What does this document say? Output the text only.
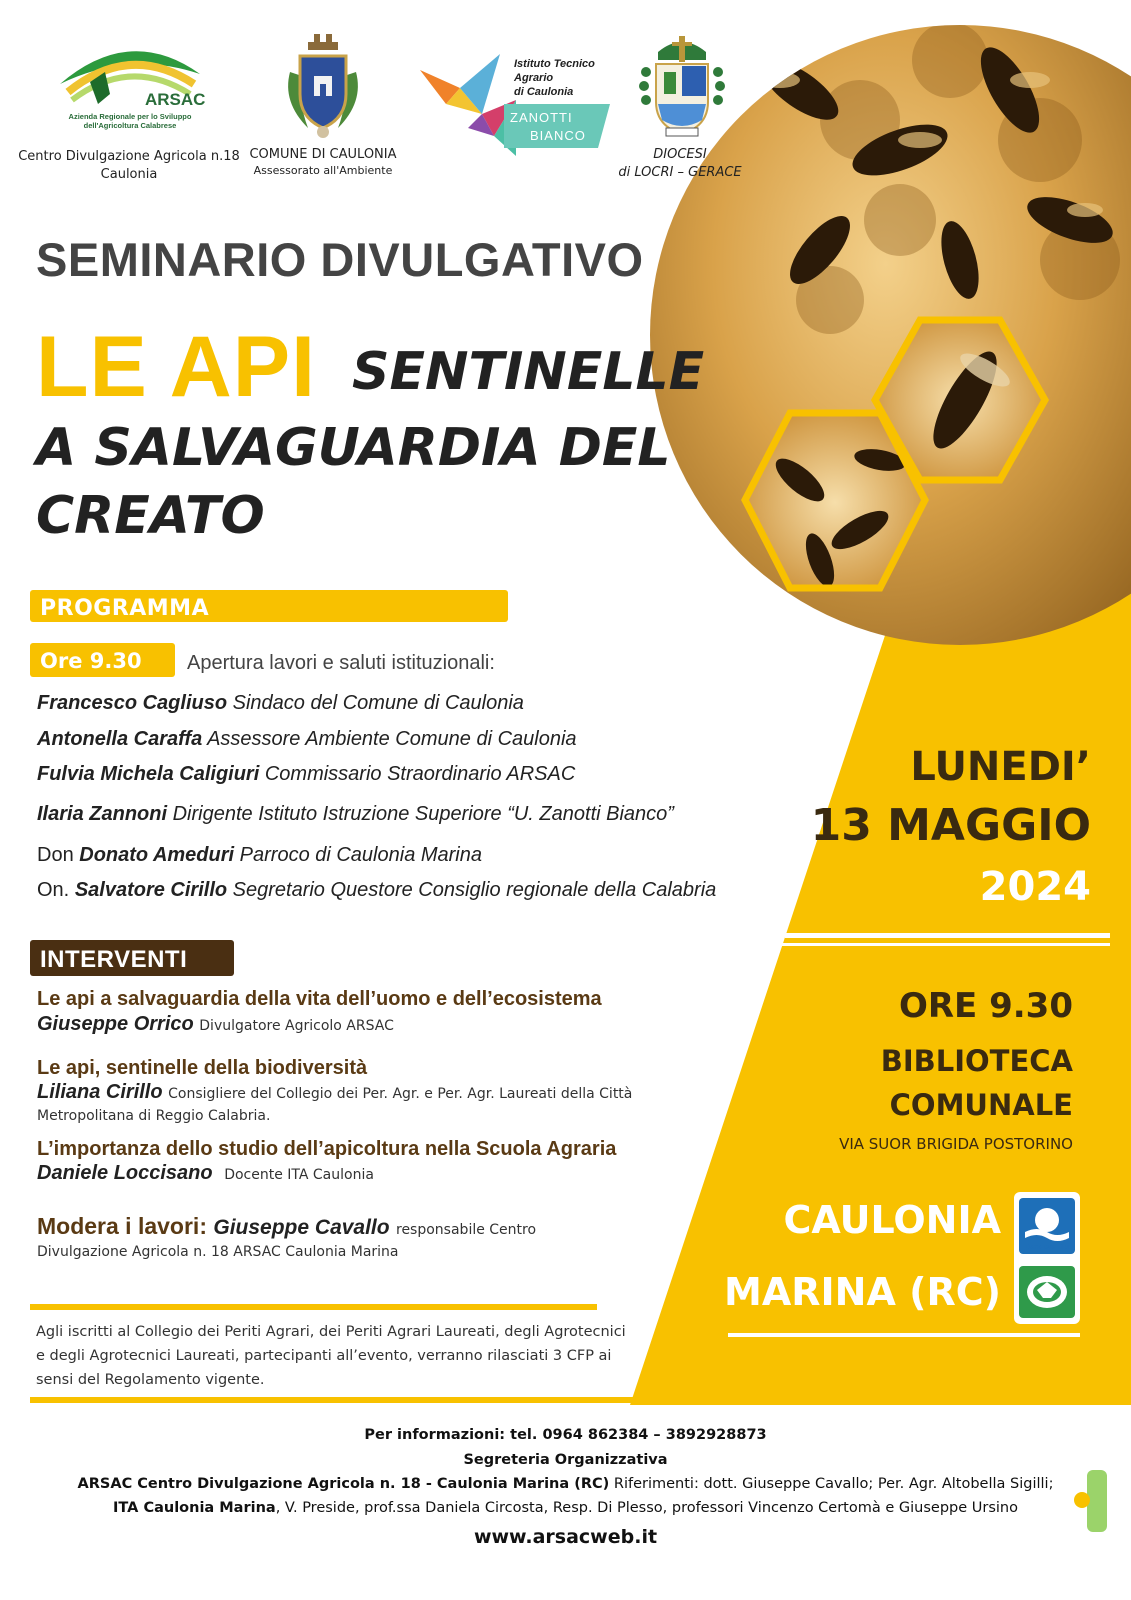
ARSAC
Azienda Regionale per lo Sviluppo dell'Agricoltura Calabrese
Centro Divulgazione Agricola n.18
Caulonia
COMUNE DI CAULONIA
Assessorato all'Ambiente
Istituto Tecnico
Agrario
di Caulonia
ZANOTTI
BIANCO
DIOCESI
di LOCRI – GERACE
SEMINARIO DIVULGATIVO
LE API SENTINELLE
A SALVAGUARDIA DEL
CREATO
PROGRAMMA
Ore 9.30 Apertura lavori e saluti istituzionali:
Francesco Cagliuso Sindaco del Comune di Caulonia
Antonella Caraffa Assessore Ambiente Comune di Caulonia
Fulvia Michela Caligiuri Commissario Straordinario ARSAC
Ilaria Zannoni Dirigente Istituto Istruzione Superiore “U. Zanotti Bianco”
Don Donato Ameduri Parroco di Caulonia Marina
On. Salvatore Cirillo Segretario Questore Consiglio regionale della Calabria
INTERVENTI
Le api a salvaguardia della vita dell’uomo e dell’ecosistema
Giuseppe Orrico Divulgatore Agricolo ARSAC
Le api, sentinelle della biodiversità
Liliana Cirillo Consigliere del Collegio dei Per. Agr. e Per. Agr. Laureati della Città
Metropolitana di Reggio Calabria.
L’importanza dello studio dell’apicoltura nella Scuola Agraria
Daniele Loccisano Docente ITA Caulonia
Modera i lavori: Giuseppe Cavallo responsabile Centro
Divulgazione Agricola n. 18 ARSAC Caulonia Marina
Agli iscritti al Collegio dei Periti Agrari, dei Periti Agrari Laureati, degli Agrotecnici
e degli Agrotecnici Laureati, partecipanti all’evento, verranno rilasciati 3 CFP ai
sensi del Regolamento vigente.
LUNEDI’
13 MAGGIO
2024
ORE 9.30
BIBLIOTECA
COMUNALE
VIA SUOR BRIGIDA POSTORINO
CAULONIA
MARINA (RC)
Bandiera Blu
Per informazioni: tel. 0964 862384 – 3892928873
Segreteria Organizzativa
ARSAC Centro Divulgazione Agricola n. 18 - Caulonia Marina (RC) Riferimenti: dott. Giuseppe Cavallo; Per. Agr. Altobella Sigilli;
ITA Caulonia Marina, V. Preside, prof.ssa Daniela Circosta, Resp. Di Plesso, professori Vincenzo Certomà e Giuseppe Ursino
www.arsacweb.it
